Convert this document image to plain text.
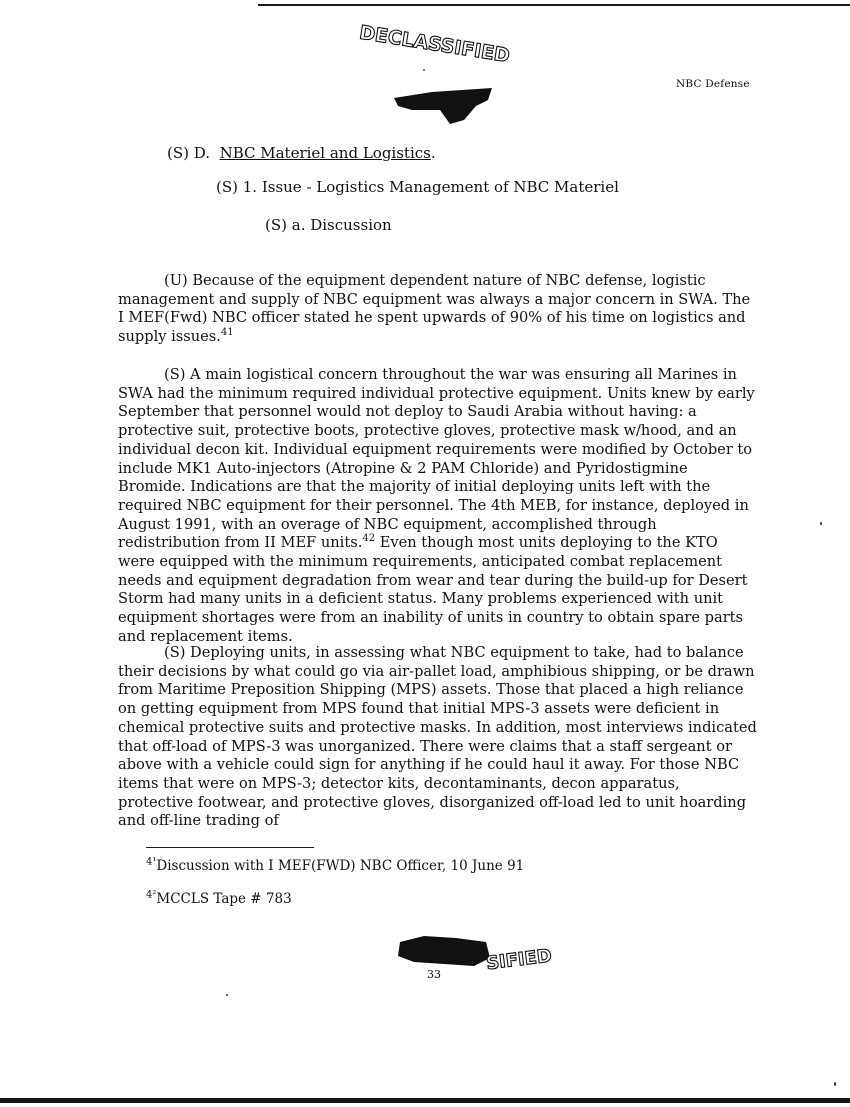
DECLASSIFIED
NBC Defense
(S) D. NBC Materiel and Logistics.
(S) 1. Issue - Logistics Management of NBC Materiel
(S) a. Discussion

(U) Because of the equipment dependent nature of NBC defense, logistic management and supply of NBC equipment was always a major concern in SWA. The I MEF(Fwd) NBC officer stated he spent upwards of 90% of his time on logistics and supply issues.$^{41}$

(S) A main logistical concern throughout the war was ensuring all Marines in SWA had the minimum required individual protective equipment. Units knew by early September that personnel would not deploy to Saudi Arabia without having: a protective suit, protective boots, protective gloves, protective mask w/hood, and an individual decon kit. Individual equipment requirements were modified by October to include MK1 Auto-injectors (Atropine & 2 PAM Chloride) and Pyridostigmine Bromide. Indications are that the majority of initial deploying units left with the required NBC equipment for their personnel. The 4th MEB, for instance, deployed in August 1991, with an overage of NBC equipment, accomplished through redistribution from II MEF units.$^{42}$ Even though most units deploying to the KTO were equipped with the minimum requirements, anticipated combat replacement needs and equipment degradation from wear and tear during the build-up for Desert Storm had many units in a deficient status. Many problems experienced with unit equipment shortages were from an inability of units in country to obtain spare parts and replacement items.

(S) Deploying units, in assessing what NBC equipment to take, had to balance their decisions by what could go via air-pallet load, amphibious shipping, or be drawn from Maritime Preposition Shipping (MPS) assets. Those that placed a high reliance on getting equipment from MPS found that initial MPS-3 assets were deficient in chemical protective suits and protective masks. In addition, most interviews indicated that off-load of MPS-3 was unorganized. There were claims that a staff sergeant or above with a vehicle could sign for anything if he could haul it away. For those NBC items that were on MPS-3; detector kits, decontaminants, decon apparatus, protective footwear, and protective gloves, disorganized off-load led to unit hoarding and off-line trading of

$^{4^1}$Discussion with I MEF(FWD) NBC Officer, 10 June 91
$^{4^2}$MCCLS Tape # 783
SIFIED
33
